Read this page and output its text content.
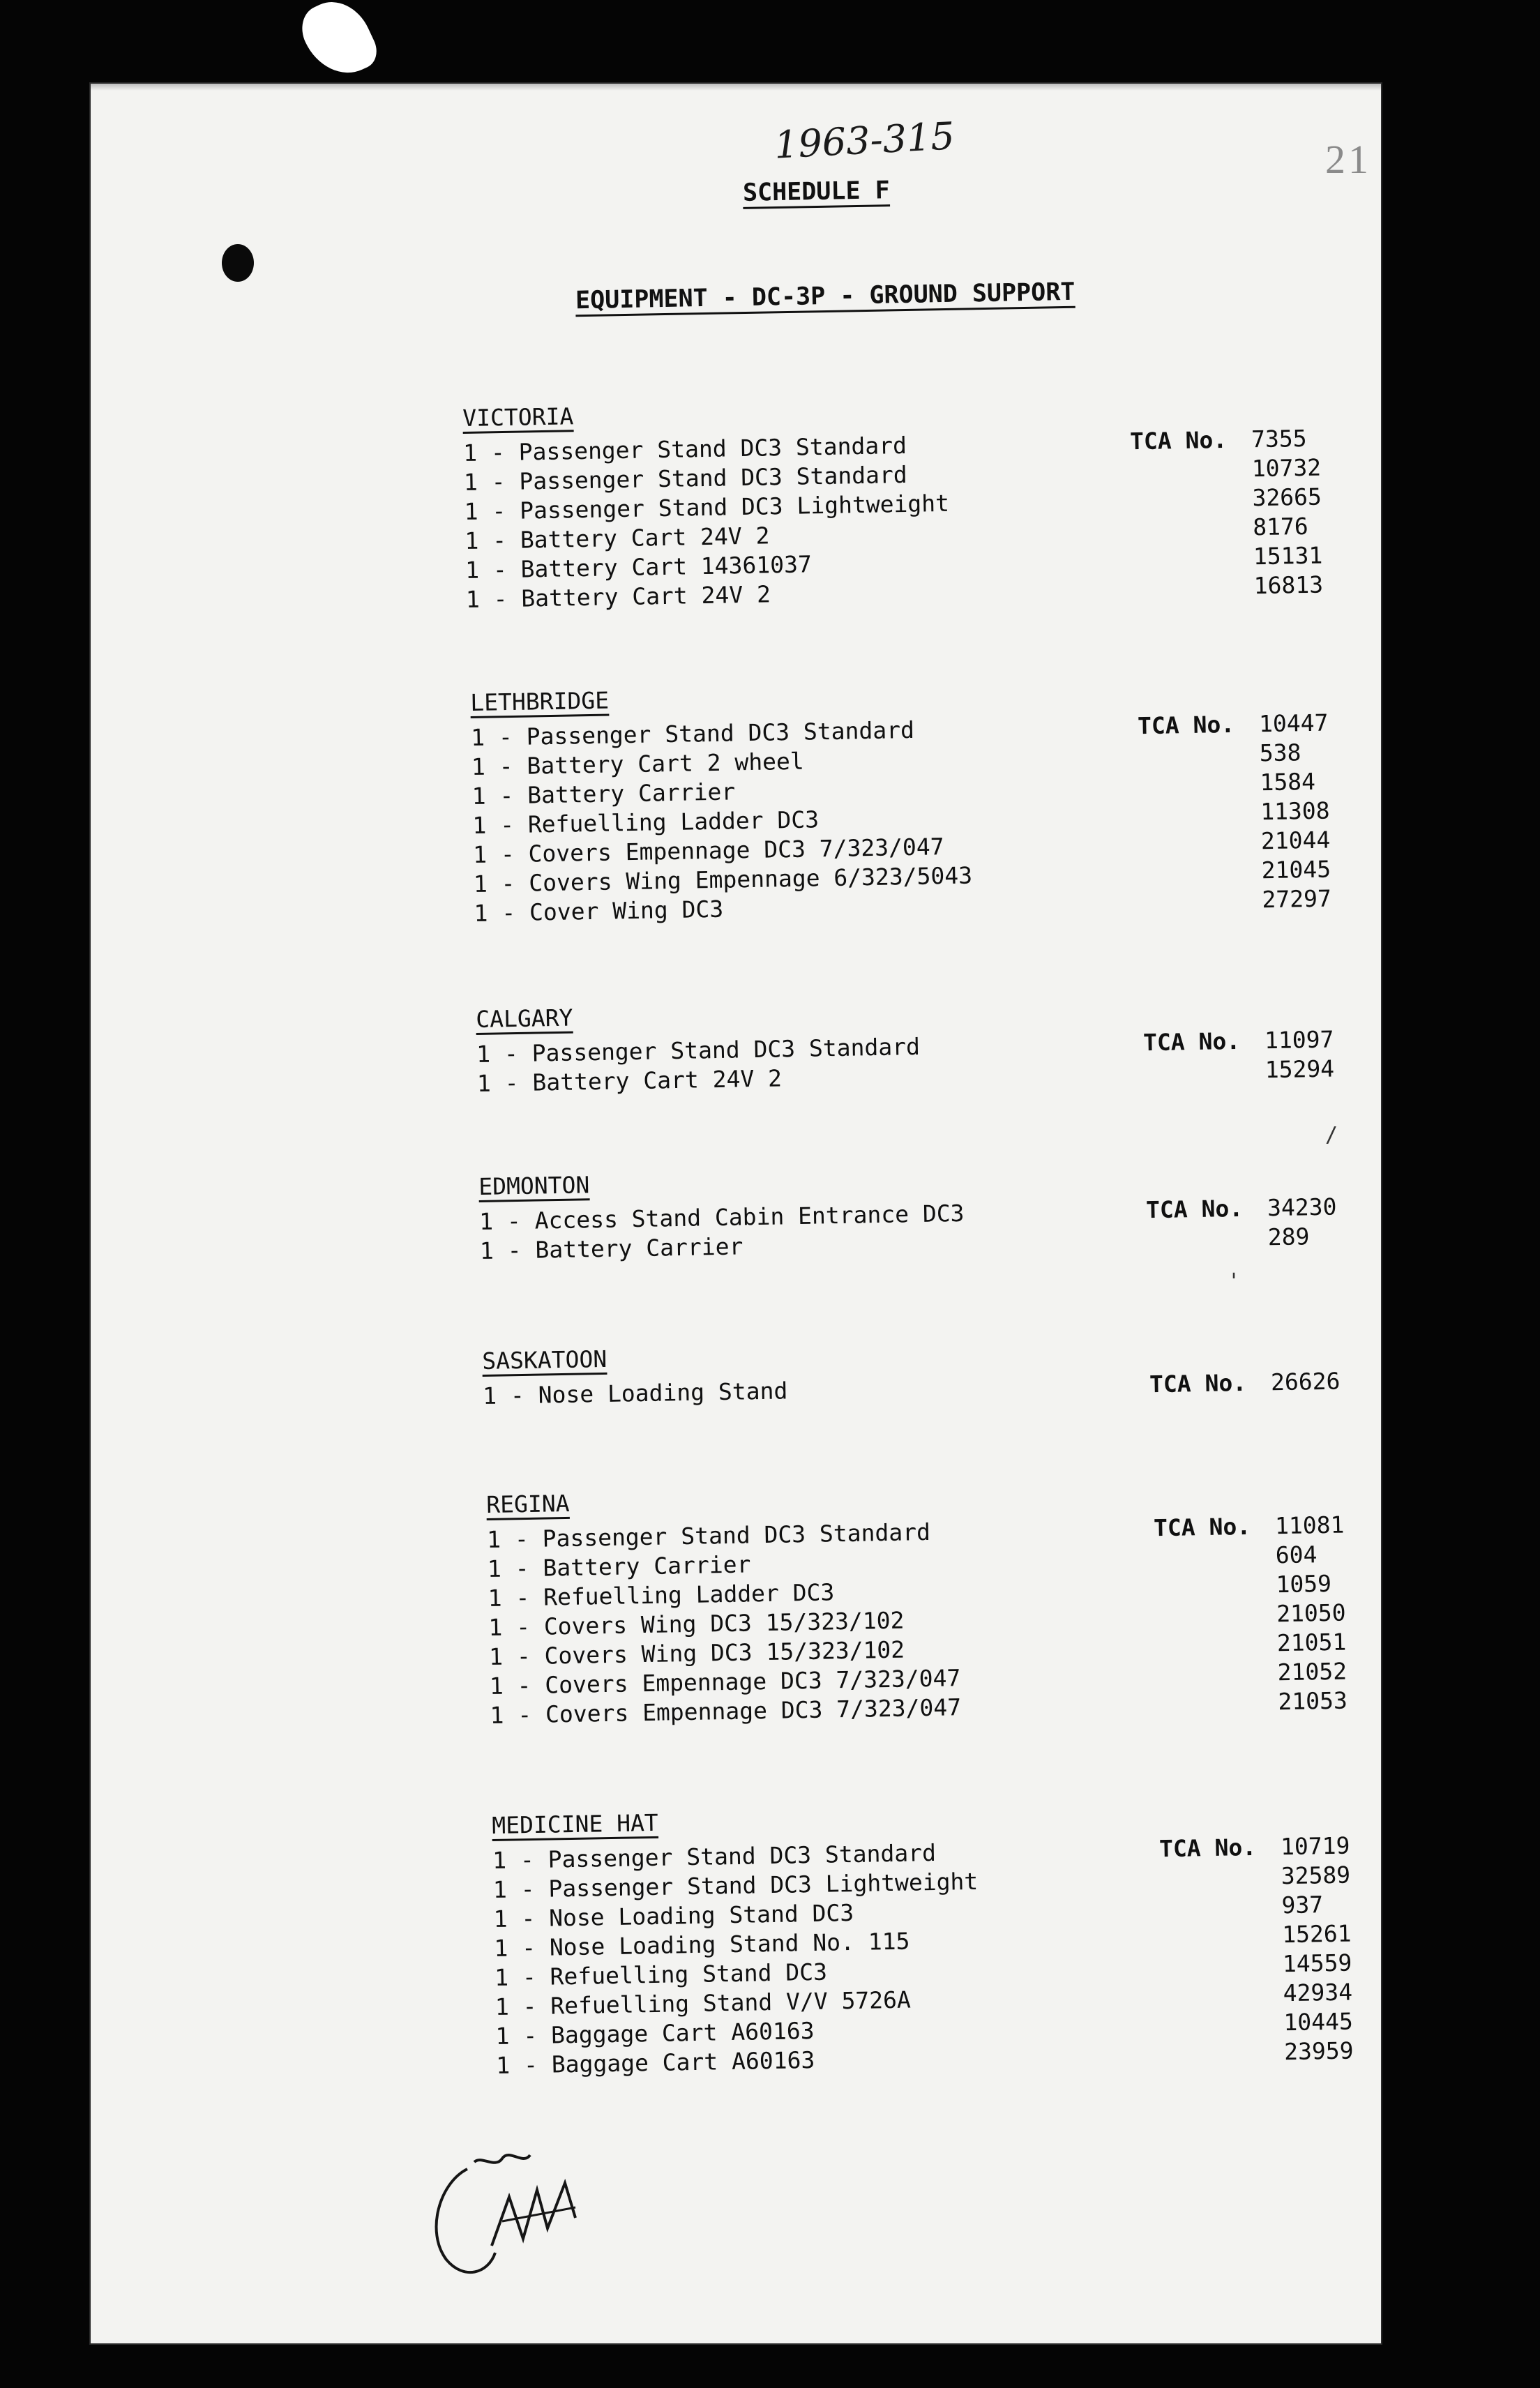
1963-315	21
SCHEDULE F
EQUIPMENT - DC-3P - GROUND SUPPORT
VICTORIA
1 - Passenger Stand DC3 Standard	TCA No. 7355
1 - Passenger Stand DC3 Standard	10732
1 - Passenger Stand DC3 Lightweight	32665
1 - Battery Cart 24V 2	8176
1 - Battery Cart 14361037	15131
1 - Battery Cart 24V 2	16813
LETHBRIDGE
1 - Passenger Stand DC3 Standard	TCA No. 10447
1 - Battery Cart 2 wheel	538
1 - Battery Carrier	1584
1 - Refuelling Ladder DC3	11308
1 - Covers Empennage DC3 7/323/047	21044
1 - Covers Wing Empennage 6/323/5043	21045
1 - Cover Wing DC3	27297
CALGARY
1 - Passenger Stand DC3 Standard	TCA No. 11097
1 - Battery Cart 24V 2	15294
EDMONTON
1 - Access Stand Cabin Entrance DC3	TCA No. 34230
1 - Battery Carrier	289
SASKATOON
1 - Nose Loading Stand	TCA No. 26626
REGINA
1 - Passenger Stand DC3 Standard	TCA No. 11081
1 - Battery Carrier	604
1 - Refuelling Ladder DC3	1059
1 - Covers Wing DC3 15/323/102	21050
1 - Covers Wing DC3 15/323/102	21051
1 - Covers Empennage DC3 7/323/047	21052
1 - Covers Empennage DC3 7/323/047	21053
MEDICINE HAT
1 - Passenger Stand DC3 Standard	TCA No. 10719
1 - Passenger Stand DC3 Lightweight	32589
1 - Nose Loading Stand DC3	937
1 - Nose Loading Stand No. 115	15261
1 - Refuelling Stand DC3	14559
1 - Refuelling Stand V/V 5726A	42934
1 - Baggage Cart A60163	10445
1 - Baggage Cart A60163	23959
/
'
